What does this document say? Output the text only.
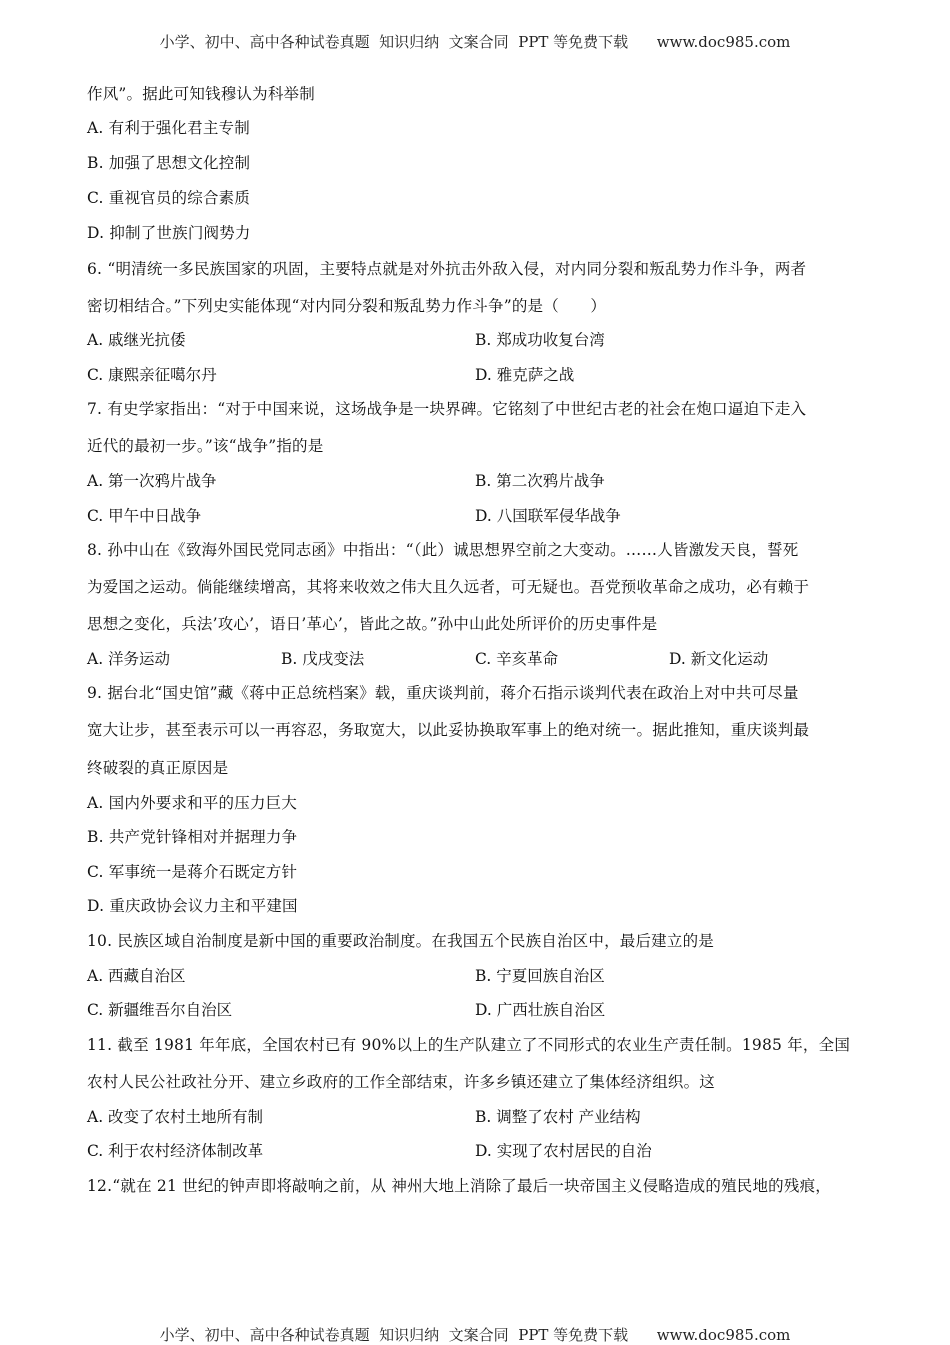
小学、初中、高中各种试卷真题  知识归纳  文案合同  PPT 等免费下载      www.doc985.com
作风”。据此可知钱穆认为科举制
A. 有利于强化君主专制
B. 加强了思想文化控制
C. 重视官员的综合素质
D. 抑制了世族门阀势力
6. “明清统一多民族国家的巩固，主要特点就是对外抗击外敌入侵，对内同分裂和叛乱势力作斗争，两者
密切相结合。”下列史实能体现“对内同分裂和叛乱势力作斗争”的是（　　）
A. 戚继光抗倭	B. 郑成功收复台湾
C. 康熙亲征噶尔丹	D. 雅克萨之战
7. 有史学家指出：“对于中国来说，这场战争是一块界碑。它铭刻了中世纪古老的社会在炮口逼迫下走入
近代的最初一步。”该“战争”指的是
A. 第一次鸦片战争	B. 第二次鸦片战争
C. 甲午中日战争	D. 八国联军侵华战争
8. 孙中山在《致海外国民党同志函》中指出：“（此）诚思想界空前之大变动。……人皆激发天良，誓死
为爱国之运动。倘能继续增高，其将来收效之伟大且久远者，可无疑也。吾党预收革命之成功，必有赖于
思想之变化，兵法’攻心’，语日’革心’，皆此之故。”孙中山此处所评价的历史事件是
A. 洋务运动	B. 戊戌变法	C. 辛亥革命	D. 新文化运动
9. 据台北“国史馆”藏《蒋中正总统档案》载，重庆谈判前，蒋介石指示谈判代表在政治上对中共可尽量
宽大让步，甚至表示可以一再容忍，务取宽大，以此妥协换取军事上的绝对统一。据此推知，重庆谈判最
终破裂的真正原因是
A. 国内外要求和平的压力巨大
B. 共产党针锋相对并据理力争
C. 军事统一是蒋介石既定方针
D. 重庆政协会议力主和平建国
10. 民族区域自治制度是新中国的重要政治制度。在我国五个民族自治区中，最后建立的是
A. 西藏自治区	B. 宁夏回族自治区
C. 新疆维吾尔自治区	D. 广西壮族自治区
11. 截至 1981 年年底，全国农村已有 90%以上的生产队建立了不同形式的农业生产责任制。1985 年，全国
农村人民公社政社分开、建立乡政府的工作全部结束，许多乡镇还建立了集体经济组织。这
A. 改变了农村土地所有制	B. 调整了农村 产业结构
C. 利于农村经济体制改革	D. 实现了农村居民的自治
12.“就在 21 世纪的钟声即将敲响之前，从 神州大地上消除了最后一块帝国主义侵略造成的殖民地的残痕，
小学、初中、高中各种试卷真题  知识归纳  文案合同  PPT 等免费下载      www.doc985.com
